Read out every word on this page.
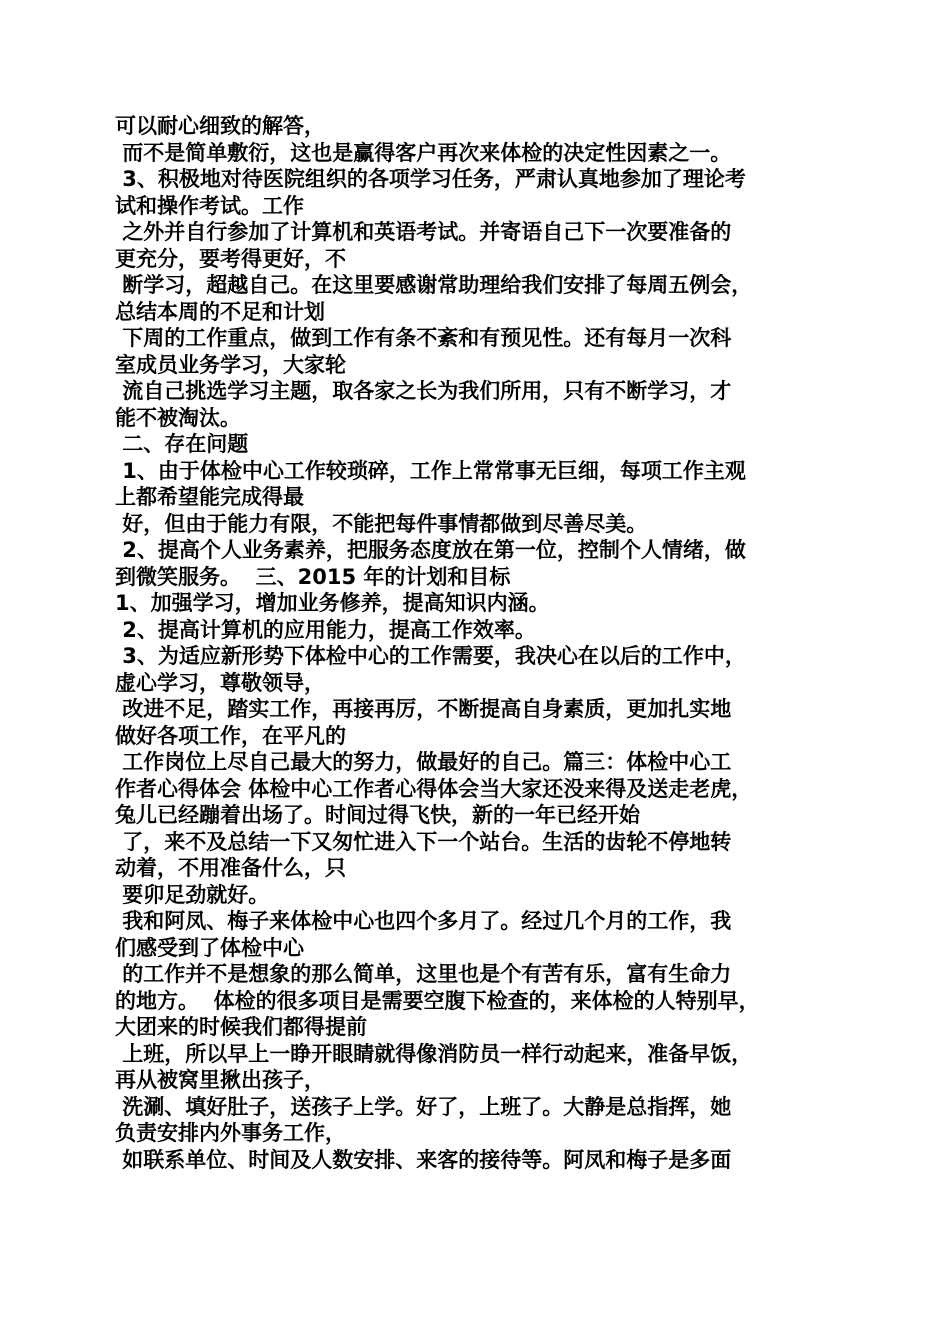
可以耐心细致的解答，
而不是简单敷衍，这也是赢得客户再次来体检的决定性因素之一。
3、积极地对待医院组织的各项学习任务，严肃认真地参加了理论考
试和操作考试。工作
之外并自行参加了计算机和英语考试。并寄语自己下一次要准备的
更充分，要考得更好，不
断学习，超越自己。在这里要感谢常助理给我们安排了每周五例会，
总结本周的不足和计划
下周的工作重点，做到工作有条不紊和有预见性。还有每月一次科
室成员业务学习，大家轮
流自己挑选学习主题，取各家之长为我们所用，只有不断学习，才
能不被淘汰。
二、存在问题
1、由于体检中心工作较琐碎，工作上常常事无巨细，每项工作主观
上都希望能完成得最
好，但由于能力有限，不能把每件事情都做到尽善尽美。
2、提高个人业务素养，把服务态度放在第一位，控制个人情绪，做
到微笑服务。  三、2015 年的计划和目标
1、加强学习，增加业务修养，提高知识内涵。
2、提高计算机的应用能力，提高工作效率。
3、为适应新形势下体检中心的工作需要，我决心在以后的工作中，
虚心学习，尊敬领导，
改进不足，踏实工作，再接再厉，不断提高自身素质，更加扎实地
做好各项工作，在平凡的
工作岗位上尽自己最大的努力，做最好的自己。篇三：体检中心工
作者心得体会 体检中心工作者心得体会当大家还没来得及送走老虎，
兔儿已经蹦着出场了。时间过得飞快，新的一年已经开始
了，来不及总结一下又匆忙进入下一个站台。生活的齿轮不停地转
动着，不用准备什么，只
要卯足劲就好。
我和阿凤、梅子来体检中心也四个多月了。经过几个月的工作，我
们感受到了体检中心
的工作并不是想象的那么简单，这里也是个有苦有乐，富有生命力
的地方。  体检的很多项目是需要空腹下检查的，来体检的人特别早，
大团来的时候我们都得提前
上班，所以早上一睁开眼睛就得像消防员一样行动起来，准备早饭，
再从被窝里揪出孩子，
洗涮、填好肚子，送孩子上学。好了，上班了。大静是总指挥，她
负责安排内外事务工作，
如联系单位、时间及人数安排、来客的接待等。阿凤和梅子是多面
